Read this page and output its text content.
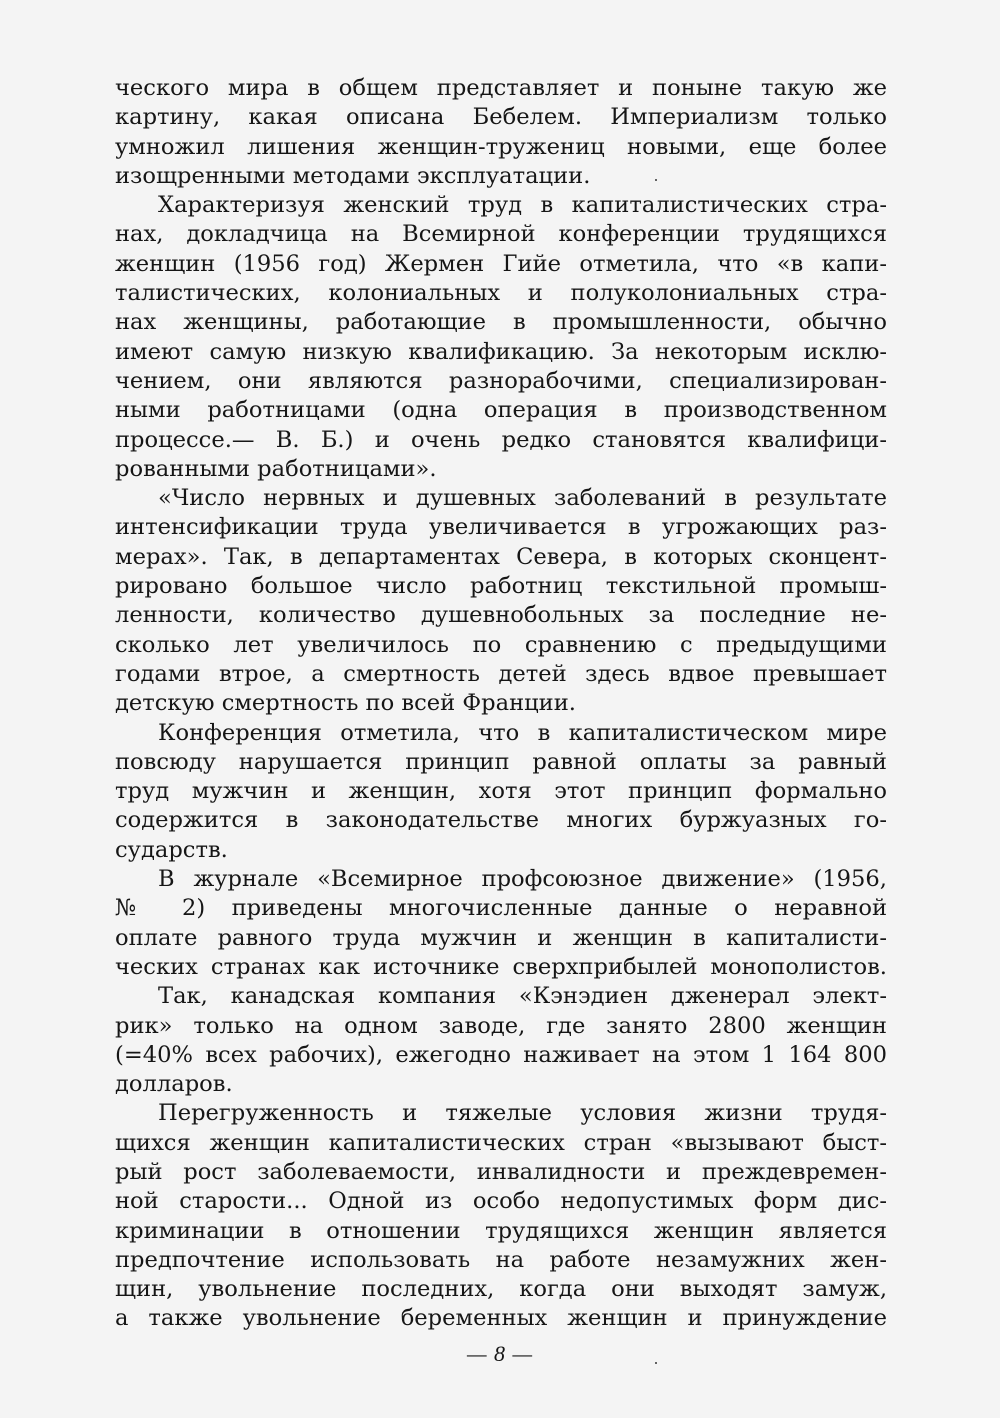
ческого мира в общем представляет и поныне такую же
картину, какая описана Бебелем. Империализм только
умножил лишения женщин-тружениц новыми, еще более
изощренными методами эксплуатации.
Характеризуя женский труд в капиталистических стра-
нах, докладчица на Всемирной конференции трудящихся
женщин (1956 год) Жермен Гийе отметила, что «в капи-
талистических, колониальных и полуколониальных стра-
нах женщины, работающие в промышленности, обычно
имеют самую низкую квалификацию. За некоторым исклю-
чением, они являются разнорабочими, специализирован-
ными работницами (одна операция в производственном
процессе.— В. Б.) и очень редко становятся квалифици-
рованными работницами».
«Число нервных и душевных заболеваний в результате
интенсификации труда увеличивается в угрожающих раз-
мерах». Так, в департаментах Севера, в которых сконцент-
рировано большое число работниц текстильной промыш-
ленности, количество душевнобольных за последние не-
сколько лет увеличилось по сравнению с предыдущими
годами втрое, а смертность детей здесь вдвое превышает
детскую смертность по всей Франции.
Конференция отметила, что в капиталистическом мире
повсюду нарушается принцип равной оплаты за равный
труд мужчин и женщин, хотя этот принцип формально
содержится в законодательстве многих буржуазных го-
сударств.
В журнале «Всемирное профсоюзное движение» (1956,
№ 2) приведены многочисленные данные о неравной
оплате равного труда мужчин и женщин в капиталисти-
ческих странах как источнике сверхприбылей монополистов.
Так, канадская компания «Кэнэдиен дженерал элект-
рик» только на одном заводе, где занято 2800 женщин
(=40% всех рабочих), ежегодно наживает на этом 1 164 800
долларов.
Перегруженность и тяжелые условия жизни трудя-
щихся женщин капиталистических стран «вызывают быст-
рый рост заболеваемости, инвалидности и преждевремен-
ной старости... Одной из особо недопустимых форм дис-
криминации в отношении трудящихся женщин является
предпочтение использовать на работе незамужних жен-
щин, увольнение последних, когда они выходят замуж,
а также увольнение беременных женщин и принуждение
— 8 —
